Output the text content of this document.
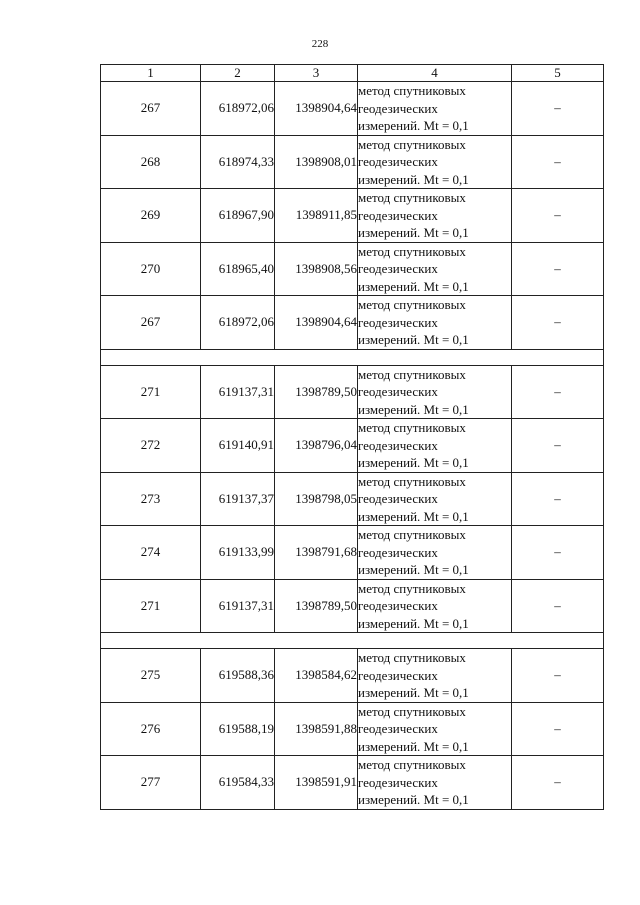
228
1	2	3	4	5
267	618972,06	1398904,64	метод спутниковых
геодезических
измерений. Mt = 0,1	–
268	618974,33	1398908,01	метод спутниковых
геодезических
измерений. Mt = 0,1	–
269	618967,90	1398911,85	метод спутниковых
геодезических
измерений. Mt = 0,1	–
270	618965,40	1398908,56	метод спутниковых
геодезических
измерений. Mt = 0,1	–
267	618972,06	1398904,64	метод спутниковых
геодезических
измерений. Mt = 0,1	–

271	619137,31	1398789,50	метод спутниковых
геодезических
измерений. Mt = 0,1	–
272	619140,91	1398796,04	метод спутниковых
геодезических
измерений. Mt = 0,1	–
273	619137,37	1398798,05	метод спутниковых
геодезических
измерений. Mt = 0,1	–
274	619133,99	1398791,68	метод спутниковых
геодезических
измерений. Mt = 0,1	–
271	619137,31	1398789,50	метод спутниковых
геодезических
измерений. Mt = 0,1	–

275	619588,36	1398584,62	метод спутниковых
геодезических
измерений. Mt = 0,1	–
276	619588,19	1398591,88	метод спутниковых
геодезических
измерений. Mt = 0,1	–
277	619584,33	1398591,91	метод спутниковых
геодезических
измерений. Mt = 0,1	–
